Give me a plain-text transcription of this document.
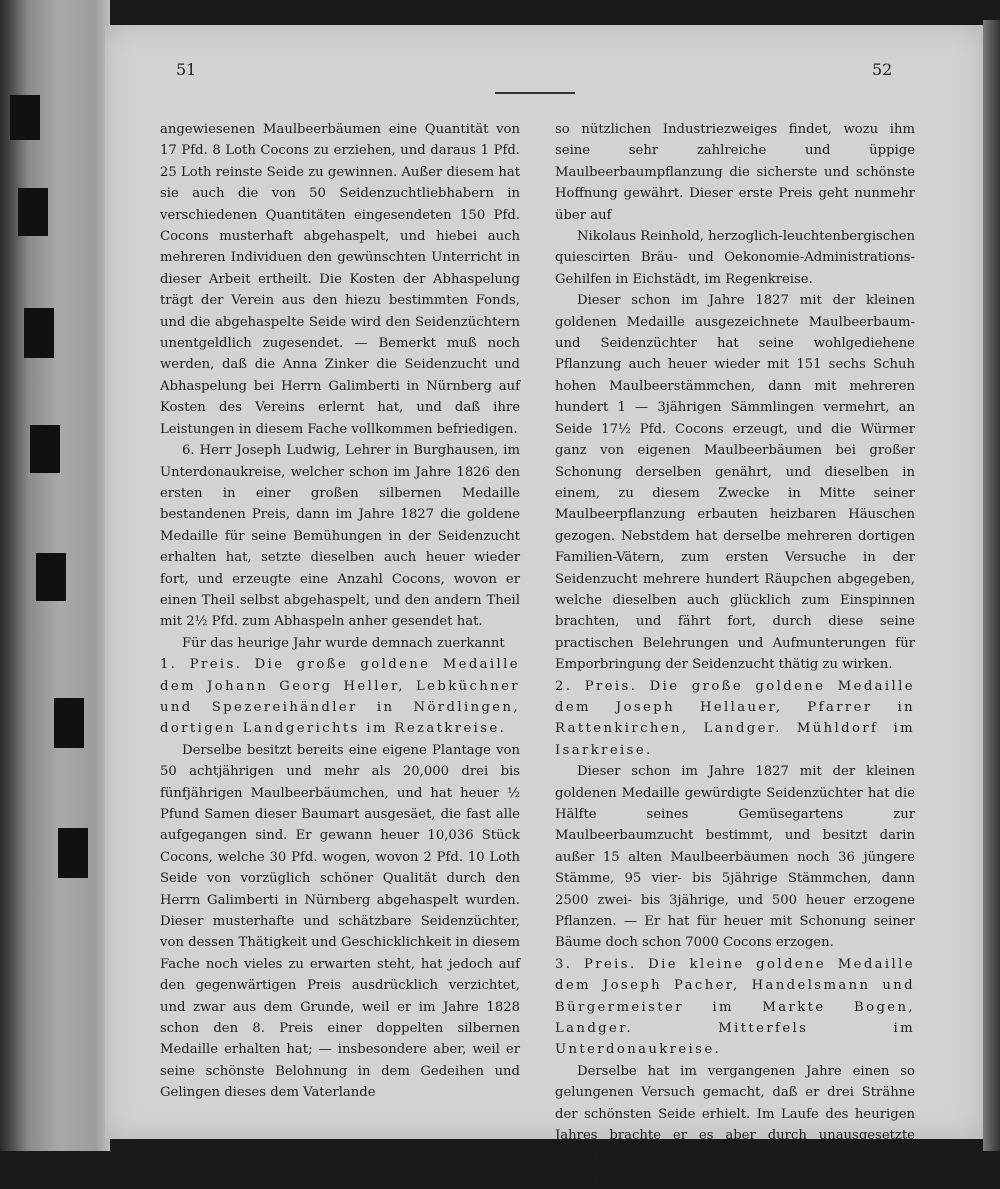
51	52

angewiesenen Maulbeerbäumen eine Quantität von 17 Pfd. 8 Loth Cocons zu erziehen, und daraus 1 Pfd. 25 Loth reinste Seide zu gewinnen. Außer diesem hat sie auch die von 50 Seidenzuchtliebhabern in verschiedenen Quantitäten eingesendeten 150 Pfd. Cocons musterhaft abgehaspelt, und hiebei auch mehreren Individuen den gewünschten Unterricht in dieser Arbeit ertheilt. Die Kosten der Abhaspelung trägt der Verein aus den hiezu bestimmten Fonds, und die abgehaspelte Seide wird den Seidenzüchtern unentgeldlich zugesendet. — Bemerkt muß noch werden, daß die Anna Zinker die Seidenzucht und Abhaspelung bei Herrn Galimberti in Nürnberg auf Kosten des Vereins erlernt hat, und daß ihre Leistungen in diesem Fache vollkommen befriedigen.

6. Herr Joseph Ludwig, Lehrer in Burghausen, im Unterdonaukreise, welcher schon im Jahre 1826 den ersten in einer großen silbernen Medaille bestandenen Preis, dann im Jahre 1827 die goldene Medaille für seine Bemühungen in der Seidenzucht erhalten hat, setzte dieselben auch heuer wieder fort, und erzeugte eine Anzahl Cocons, wovon er einen Theil selbst abgehaspelt, und den andern Theil mit 2½ Pfd. zum Abhaspeln anher gesendet hat.

Für das heurige Jahr wurde demnach zuerkannt

1. Preis. Die große goldene Medaille dem Johann Georg Heller, Lebküchner und Spezereihändler in Nördlingen, dortigen Landgerichts im Rezatkreise.

Derselbe besitzt bereits eine eigene Plantage von 50 achtjährigen und mehr als 20,000 drei bis fünfjährigen Maulbeerbäumchen, und hat heuer ½ Pfund Samen dieser Baumart ausgesäet, die fast alle aufgegangen sind. Er gewann heuer 10,036 Stück Cocons, welche 30 Pfd. wogen, wovon 2 Pfd. 10 Loth Seide von vorzüglich schöner Qualität durch den Herrn Galimberti in Nürnberg abgehaspelt wurden. Dieser musterhafte und schätzbare Seidenzüchter, von dessen Thätigkeit und Geschicklichkeit in diesem Fache noch vieles zu erwarten steht, hat jedoch auf den gegenwärtigen Preis ausdrücklich verzichtet, und zwar aus dem Grunde, weil er im Jahre 1828 schon den 8. Preis einer doppelten silbernen Medaille erhalten hat; — insbesondere aber, weil er seine schönste Belohnung in dem Gedeihen und Gelingen dieses dem Vaterlande

so nützlichen Industriezweiges findet, wozu ihm seine sehr zahlreiche und üppige Maulbeerbaumpflanzung die sicherste und schönste Hoffnung gewährt. Dieser erste Preis geht nunmehr über auf

Nikolaus Reinhold, herzoglich-leuchtenbergischen quiescirten Bräu- und Oekonomie-Administrations-Gehilfen in Eichstädt, im Regenkreise.

Dieser schon im Jahre 1827 mit der kleinen goldenen Medaille ausgezeichnete Maulbeerbaum- und Seidenzüchter hat seine wohlgediehene Pflanzung auch heuer wieder mit 151 sechs Schuh hohen Maulbeerstämmchen, dann mit mehreren hundert 1 — 3jährigen Sämmlingen vermehrt, an Seide 17½ Pfd. Cocons erzeugt, und die Würmer ganz von eigenen Maulbeerbäumen bei großer Schonung derselben genährt, und dieselben in einem, zu diesem Zwecke in Mitte seiner Maulbeerpflanzung erbauten heizbaren Häuschen gezogen. Nebstdem hat derselbe mehreren dortigen Familien-Vätern, zum ersten Versuche in der Seidenzucht mehrere hundert Räupchen abgegeben, welche dieselben auch glücklich zum Einspinnen brachten, und fährt fort, durch diese seine practischen Belehrungen und Aufmunterungen für Emporbringung der Seidenzucht thätig zu wirken.

2. Preis. Die große goldene Medaille dem Joseph Hellauer, Pfarrer in Rattenkirchen, Landger. Mühldorf im Isarkreise.

Dieser schon im Jahre 1827 mit der kleinen goldenen Medaille gewürdigte Seidenzüchter hat die Hälfte seines Gemüsegartens zur Maulbeerbaumzucht bestimmt, und besitzt darin außer 15 alten Maulbeerbäumen noch 36 jüngere Stämme, 95 vier- bis 5jährige Stämmchen, dann 2500 zwei- bis 3jährige, und 500 heuer erzogene Pflanzen. — Er hat für heuer mit Schonung seiner Bäume doch schon 7000 Cocons erzogen.

3. Preis. Die kleine goldene Medaille dem Joseph Pacher, Handelsmann und Bürgermeister im Markte Bogen, Landger. Mitterfels im Unterdonaukreise.

Derselbe hat im vergangenen Jahre einen so gelungenen Versuch gemacht, daß er drei Strähne der schönsten Seide erhielt. Im Laufe des heurigen Jahres brachte er es aber durch unausgesetzte Thätigkeit dahin, daß er mittels eines hiezu eigends erkauften Grundes
